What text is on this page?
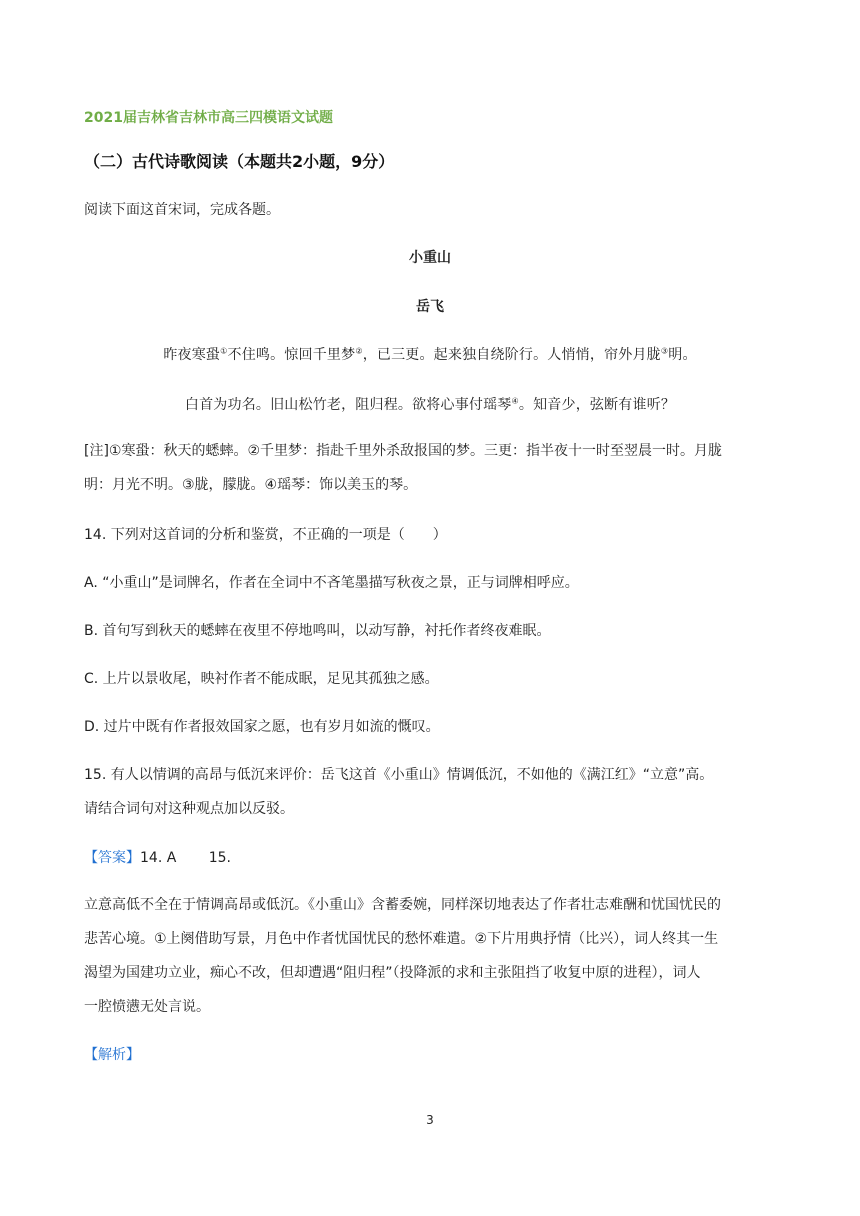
2021届吉林省吉林市高三四模语文试题

（二）古代诗歌阅读（本题共2小题，9分）

阅读下面这首宋词，完成各题。

小重山

岳飞

昨夜寒蛩①不住鸣。惊回千里梦②，已三更。起来独自绕阶行。人悄悄，帘外月胧③明。

白首为功名。旧山松竹老，阻归程。欲将心事付瑶琴④。知音少，弦断有谁听？

[注]①寒蛩：秋天的蟋蟀。②千里梦：指赴千里外杀敌报国的梦。三更：指半夜十一时至翌晨一时。月胧

明：月光不明。③胧，朦胧。④瑶琴：饰以美玉的琴。

14. 下列对这首词的分析和鉴赏，不正确的一项是（　　）

A. “小重山”是词牌名，作者在全词中不吝笔墨描写秋夜之景，正与词牌相呼应。

B. 首句写到秋天的蟋蟀在夜里不停地鸣叫，以动写静，衬托作者终夜难眠。

C. 上片以景收尾，映衬作者不能成眠，足见其孤独之感。

D. 过片中既有作者报效国家之愿，也有岁月如流的慨叹。

15. 有人以情调的高昂与低沉来评价：岳飞这首《小重山》情调低沉，不如他的《满江红》“立意”高。

请结合词句对这种观点加以反驳。

【答案】14. A　　 15.

立意高低不全在于情调高昂或低沉。《小重山》含蓄委婉，同样深切地表达了作者壮志难酬和忧国忧民的

悲苦心境。①上阕借助写景，月色中作者忧国忧民的愁怀难遣。②下片用典抒情（比兴），词人终其一生

渴望为国建功立业，痴心不改，但却遭遇“阻归程”（投降派的求和主张阻挡了收复中原的进程），词人

一腔愤懑无处言说。

【解析】

3
